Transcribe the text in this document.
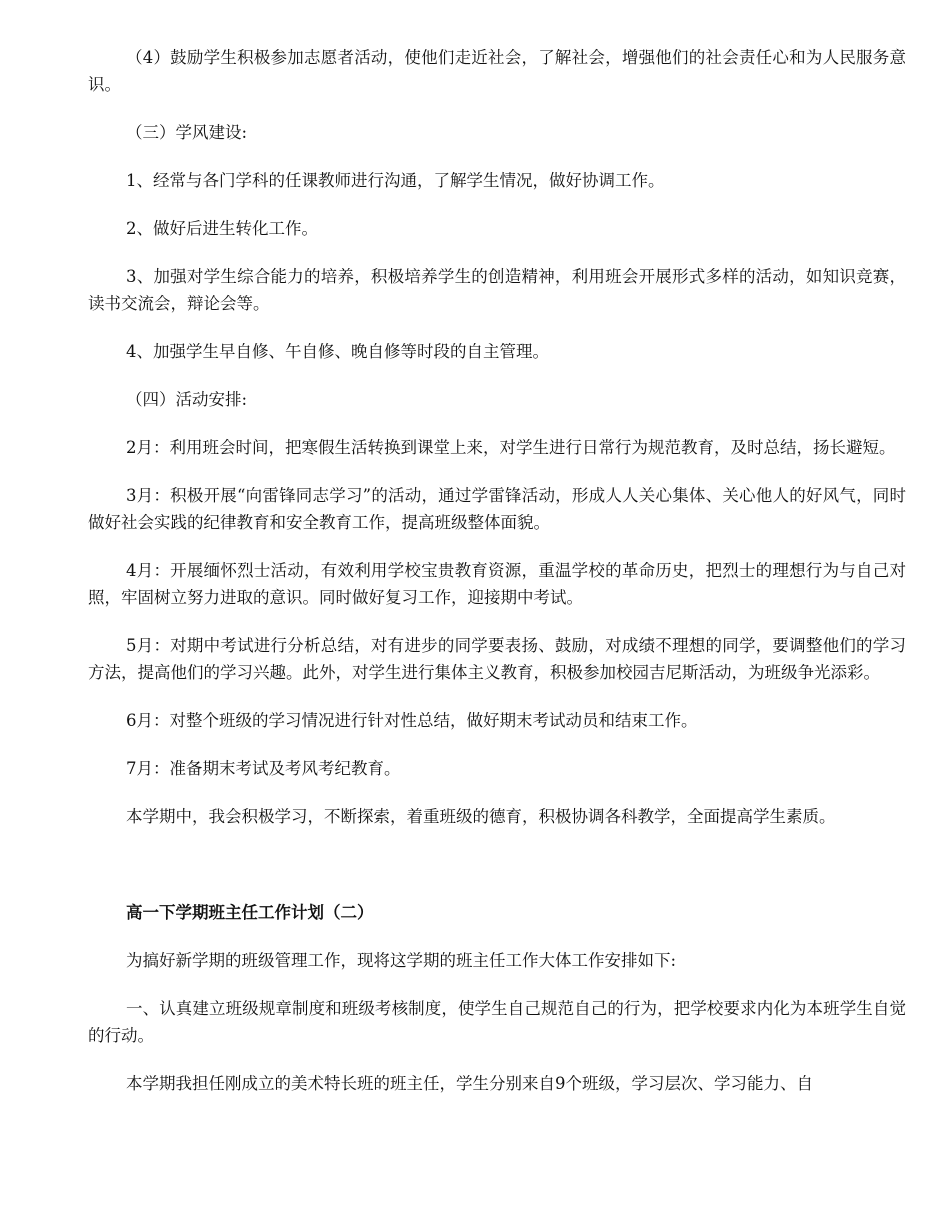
（4）鼓励学生积极参加志愿者活动，使他们走近社会，了解社会，增强他们的社会责任心和为人民服务意识。

（三）学风建设:

1、经常与各门学科的任课教师进行沟通，了解学生情况，做好协调工作。

2、做好后进生转化工作。

3、加强对学生综合能力的培养，积极培养学生的创造精神，利用班会开展形式多样的活动，如知识竞赛，读书交流会，辩论会等。

4、加强学生早自修、午自修、晚自修等时段的自主管理。

（四）活动安排:

2月：利用班会时间，把寒假生活转换到课堂上来，对学生进行日常行为规范教育，及时总结，扬长避短。

3月：积极开展“向雷锋同志学习”的活动，通过学雷锋活动，形成人人关心集体、关心他人的好风气，同时做好社会实践的纪律教育和安全教育工作，提高班级整体面貌。

4月：开展缅怀烈士活动，有效利用学校宝贵教育资源，重温学校的革命历史，把烈士的理想行为与自己对照，牢固树立努力进取的意识。同时做好复习工作，迎接期中考试。

5月：对期中考试进行分析总结，对有进步的同学要表扬、鼓励，对成绩不理想的同学，要调整他们的学习方法，提高他们的学习兴趣。此外，对学生进行集体主义教育，积极参加校园吉尼斯活动，为班级争光添彩。

6月：对整个班级的学习情况进行针对性总结，做好期末考试动员和结束工作。

7月：准备期末考试及考风考纪教育。

本学期中，我会积极学习，不断探索，着重班级的德育，积极协调各科教学，全面提高学生素质。

高一下学期班主任工作计划（二）

为搞好新学期的班级管理工作，现将这学期的班主任工作大体工作安排如下:

一、认真建立班级规章制度和班级考核制度，使学生自己规范自己的行为，把学校要求内化为本班学生自觉的行动。

本学期我担任刚成立的美术特长班的班主任，学生分别来自9个班级，学习层次、学习能力、自
